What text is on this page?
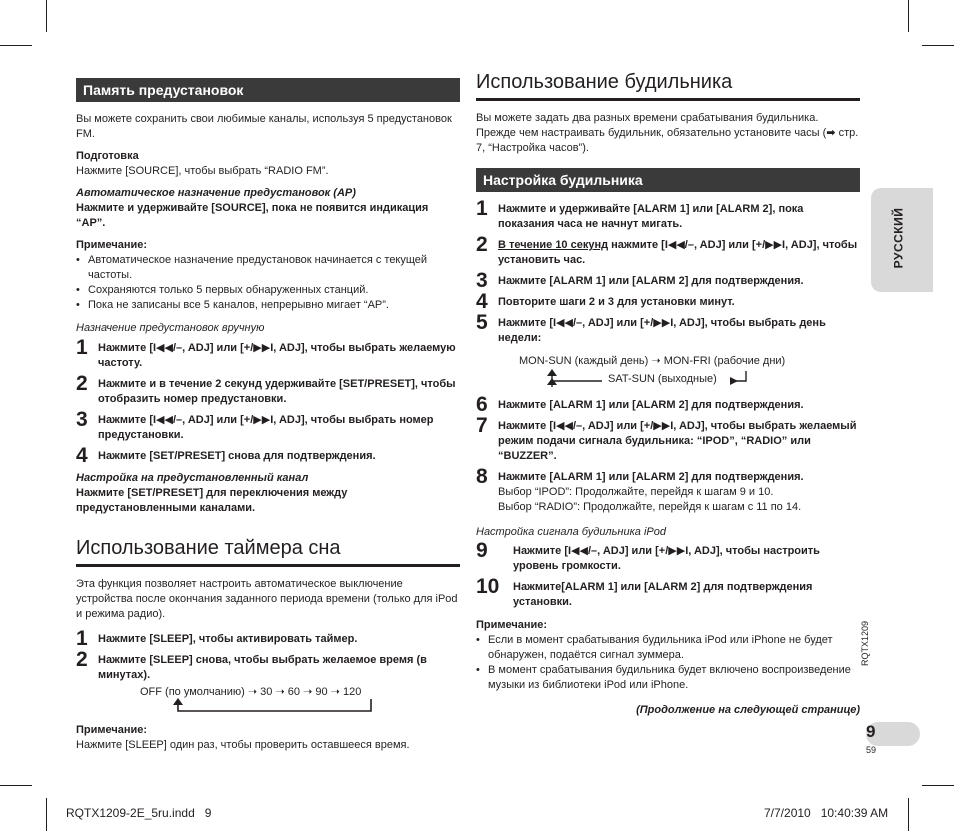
Память предустановок

Вы можете сохранить свои любимые каналы, используя 5 предустановок FM.

Подготовка

Нажмите [SOURCE], чтобы выбрать “RADIO FM”.

Автоматическое назначение предустановок (AP)

Нажмите и удерживайте [SOURCE], пока не появится индикация “AP”.

Примечание:

• Автоматическое назначение предустановок начинается с текущей частоты.
• Сохраняются только 5 первых обнаруженных станций.
• Пока не записаны все 5 каналов, непрерывно мигает “AP”.

Назначение предустановок вручную

1 Нажмите [I◀◀/–, ADJ] или [+/▶▶I, ADJ], чтобы выбрать желаемую частоту.
2 Нажмите и в течение 2 секунд удерживайте [SET/PRESET], чтобы отобразить номер предустановки.
3 Нажмите [I◀◀/–, ADJ] или [+/▶▶I, ADJ], чтобы выбрать номер предустановки.
4 Нажмите [SET/PRESET] снова для подтверждения.

Настройка на предустановленный канал

Нажмите [SET/PRESET] для переключения между предустановленными каналами.

Использование таймера сна

Эта функция позволяет настроить автоматическое выключение устройства после окончания заданного периода времени (только для iPod и режима радио).

1 Нажмите [SLEEP], чтобы активировать таймер.
2 Нажмите [SLEEP] снова, чтобы выбрать желаемое время (в минутах).
OFF (по умолчанию) ➝ 30 ➝ 60 ➝ 90 ➝ 120

Примечание:

Нажмите [SLEEP] один раз, чтобы проверить оставшееся время.

Использование будильника

Вы можете задать два разных времени срабатывания будильника. Прежде чем настраивать будильник, обязательно установите часы (➡ стр. 7, “Настройка часов”).

Настройка будильника
1 Нажмите и удерживайте [ALARM 1] или [ALARM 2], пока показания часа не начнут мигать.
2 В течение 10 секунд нажмите [I◀◀/–, ADJ] или [+/▶▶I, ADJ], чтобы установить час.
3 Нажмите [ALARM 1] или [ALARM 2] для подтверждения.
4 Повторите шаги 2 и 3 для установки минут.
5 Нажмите [I◀◀/–, ADJ] или [+/▶▶I, ADJ], чтобы выбрать день недели:
MON-SUN (каждый день) ➝ MON-FRI (рабочие дни)
SAT-SUN (выходные)
6 Нажмите [ALARM 1] или [ALARM 2] для подтверждения.
7 Нажмите [I◀◀/–, ADJ] или [+/▶▶I, ADJ], чтобы выбрать желаемый режим подачи сигнала будильника: “IPOD”, “RADIO” или “BUZZER”.
8 Нажмите [ALARM 1] или [ALARM 2] для подтверждения.
Выбор “IPOD”: Продолжайте, перейдя к шагам 9 и 10.
Выбор “RADIO”: Продолжайте, перейдя к шагам с 11 по 14.

Настройка сигнала будильника iPod

9 Нажмите [I◀◀/–, ADJ] или [+/▶▶I, ADJ], чтобы настроить уровень громкости.
10 Нажмите[ALARM 1] или [ALARM 2] для подтверждения установки.

Примечание:

• Если в момент срабатывания будильника iPod или iPhone не будет обнаружен, подаётся сигнал зуммера.
• В момент срабатывания будильника будет включено воспроизведение музыки из библиотеки iPod или iPhone.

(Продолжение на следующей странице)

РУССКИЙ
RQTX1209
9
59
RQTX1209-2E_5ru.indd   9	7/7/2010   10:40:39 AM
